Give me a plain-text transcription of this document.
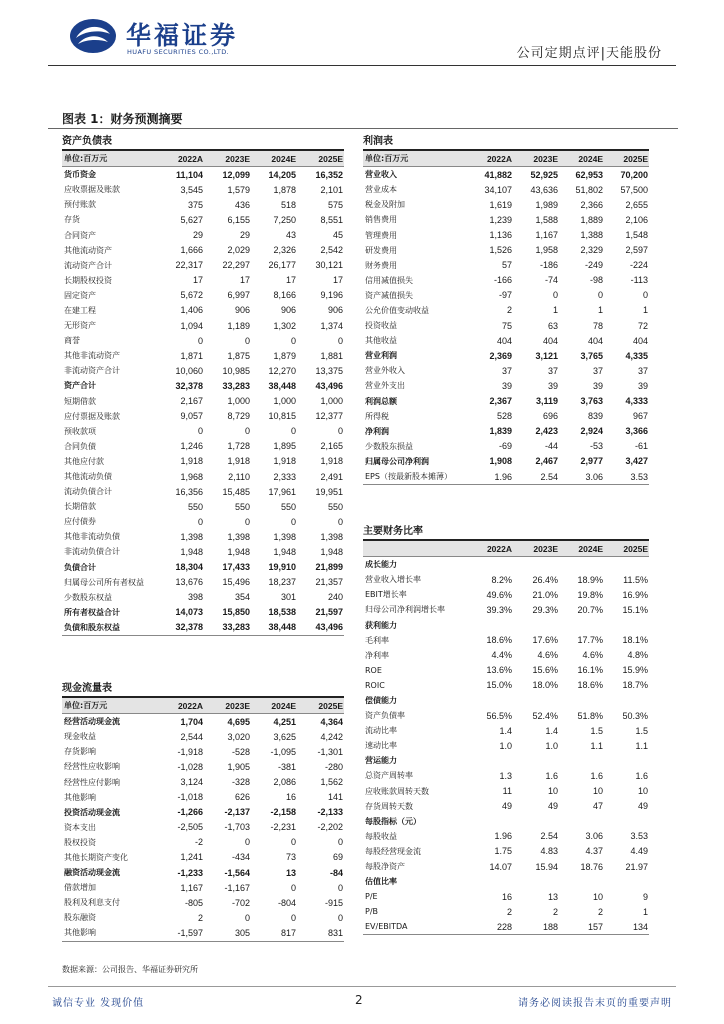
华福证券
HUAFU SECURITIES CO.,LTD.	公司定期点评|天能股份
图表 1：财务预测摘要
资产负债表
单位:百万元	2022A	2023E	2024E	2025E
货币资金	11,104	12,099	14,205	16,352
应收票据及账款	3,545	1,579	1,878	2,101
预付账款	375	436	518	575
存货	5,627	6,155	7,250	8,551
合同资产	29	29	43	45
其他流动资产	1,666	2,029	2,326	2,542
流动资产合计	22,317	22,297	26,177	30,121
长期股权投资	17	17	17	17
固定资产	5,672	6,997	8,166	9,196
在建工程	1,406	906	906	906
无形资产	1,094	1,189	1,302	1,374
商誉	0	0	0	0
其他非流动资产	1,871	1,875	1,879	1,881
非流动资产合计	10,060	10,985	12,270	13,375
资产合计	32,378	33,283	38,448	43,496
短期借款	2,167	1,000	1,000	1,000
应付票据及账款	9,057	8,729	10,815	12,377
预收款项	0	0	0	0
合同负债	1,246	1,728	1,895	2,165
其他应付款	1,918	1,918	1,918	1,918
其他流动负债	1,968	2,110	2,333	2,491
流动负债合计	16,356	15,485	17,961	19,951
长期借款	550	550	550	550
应付债券	0	0	0	0
其他非流动负债	1,398	1,398	1,398	1,398
非流动负债合计	1,948	1,948	1,948	1,948
负债合计	18,304	17,433	19,910	21,899
归属母公司所有者权益	13,676	15,496	18,237	21,357
少数股东权益	398	354	301	240
所有者权益合计	14,073	15,850	18,538	21,597
负债和股东权益	32,378	33,283	38,448	43,496
现金流量表
单位:百万元	2022A	2023E	2024E	2025E
经营活动现金流	1,704	4,695	4,251	4,364
现金收益	2,544	3,020	3,625	4,242
存货影响	-1,918	-528	-1,095	-1,301
经营性应收影响	-1,028	1,905	-381	-280
经营性应付影响	3,124	-328	2,086	1,562
其他影响	-1,018	626	16	141
投资活动现金流	-1,266	-2,137	-2,158	-2,133
资本支出	-2,505	-1,703	-2,231	-2,202
股权投资	-2	0	0	0
其他长期资产变化	1,241	-434	73	69
融资活动现金流	-1,233	-1,564	13	-84
借款增加	1,167	-1,167	0	0
股利及利息支付	-805	-702	-804	-915
股东融资	2	0	0	0
其他影响	-1,597	305	817	831
利润表
单位:百万元	2022A	2023E	2024E	2025E
营业收入	41,882	52,925	62,953	70,200
营业成本	34,107	43,636	51,802	57,500
税金及附加	1,619	1,989	2,366	2,655
销售费用	1,239	1,588	1,889	2,106
管理费用	1,136	1,167	1,388	1,548
研发费用	1,526	1,958	2,329	2,597
财务费用	57	-186	-249	-224
信用减值损失	-166	-74	-98	-113
资产减值损失	-97	0	0	0
公允价值变动收益	2	1	1	1
投资收益	75	63	78	72
其他收益	404	404	404	404
营业利润	2,369	3,121	3,765	4,335
营业外收入	37	37	37	37
营业外支出	39	39	39	39
利润总额	2,367	3,119	3,763	4,333
所得税	528	696	839	967
净利润	1,839	2,423	2,924	3,366
少数股东损益	-69	-44	-53	-61
归属母公司净利润	1,908	2,467	2,977	3,427
EPS（按最新股本摊薄）	1.96	2.54	3.06	3.53
主要财务比率
	2022A	2023E	2024E	2025E
成长能力				
营业收入增长率	8.2%	26.4%	18.9%	11.5%
EBIT增长率	49.6%	21.0%	19.8%	16.9%
归母公司净利润增长率	39.3%	29.3%	20.7%	15.1%
获利能力				
毛利率	18.6%	17.6%	17.7%	18.1%
净利率	4.4%	4.6%	4.6%	4.8%
ROE	13.6%	15.6%	16.1%	15.9%
ROIC	15.0%	18.0%	18.6%	18.7%
偿债能力				
资产负债率	56.5%	52.4%	51.8%	50.3%
流动比率	1.4	1.4	1.5	1.5
速动比率	1.0	1.0	1.1	1.1
营运能力				
总资产周转率	1.3	1.6	1.6	1.6
应收账款周转天数	11	10	10	10
存货周转天数	49	49	47	49
每股指标（元）				
每股收益	1.96	2.54	3.06	3.53
每股经营现金流	1.75	4.83	4.37	4.49
每股净资产	14.07	15.94	18.76	21.97
估值比率				
P/E	16	13	10	9
P/B	2	2	2	1
EV/EBITDA	228	188	157	134
数据来源：公司报告、华福证券研究所
诚信专业 发现价值	2	请务必阅读报告末页的重要声明
